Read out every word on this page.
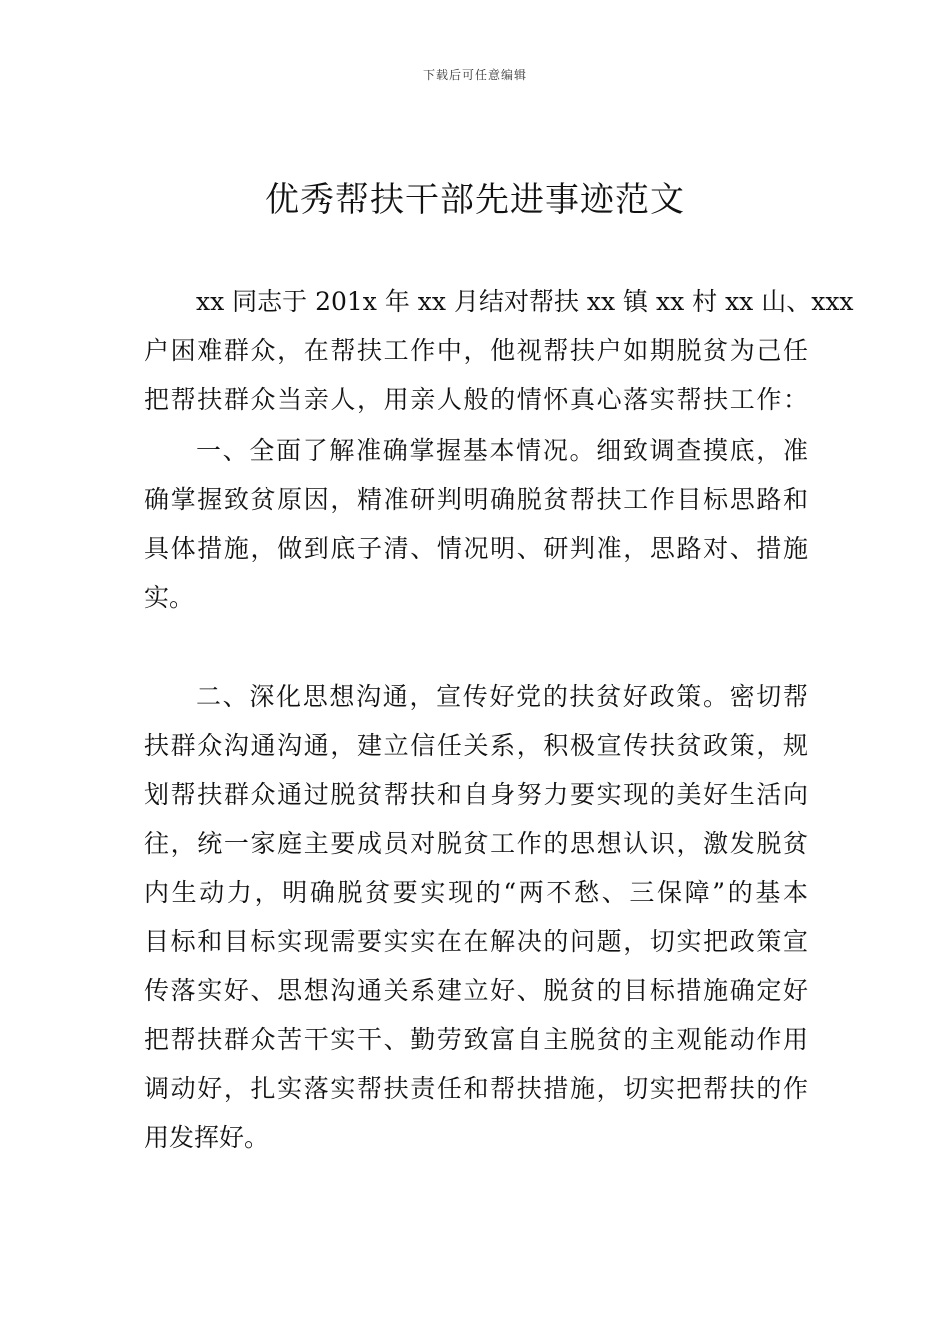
下载后可任意编辑
优秀帮扶干部先进事迹范文
xx 同志于 201x 年 xx 月结对帮扶 xx 镇 xx 村 xx 山、xxx
户困难群众，在帮扶工作中，他视帮扶户如期脱贫为己任
把帮扶群众当亲人，用亲人般的情怀真心落实帮扶工作：
一、全面了解准确掌握基本情况。细致调查摸底，准
确掌握致贫原因，精准研判明确脱贫帮扶工作目标思路和
具体措施，做到底子清、情况明、研判准，思路对、措施
实。
二、深化思想沟通，宣传好党的扶贫好政策。密切帮
扶群众沟通沟通，建立信任关系，积极宣传扶贫政策，规
划帮扶群众通过脱贫帮扶和自身努力要实现的美好生活向
往，统一家庭主要成员对脱贫工作的思想认识，激发脱贫
内生动力，明确脱贫要实现的“两不愁、三保障”的基本
目标和目标实现需要实实在在解决的问题，切实把政策宣
传落实好、思想沟通关系建立好、脱贫的目标措施确定好
把帮扶群众苦干实干、勤劳致富自主脱贫的主观能动作用
调动好，扎实落实帮扶责任和帮扶措施，切实把帮扶的作
用发挥好。
